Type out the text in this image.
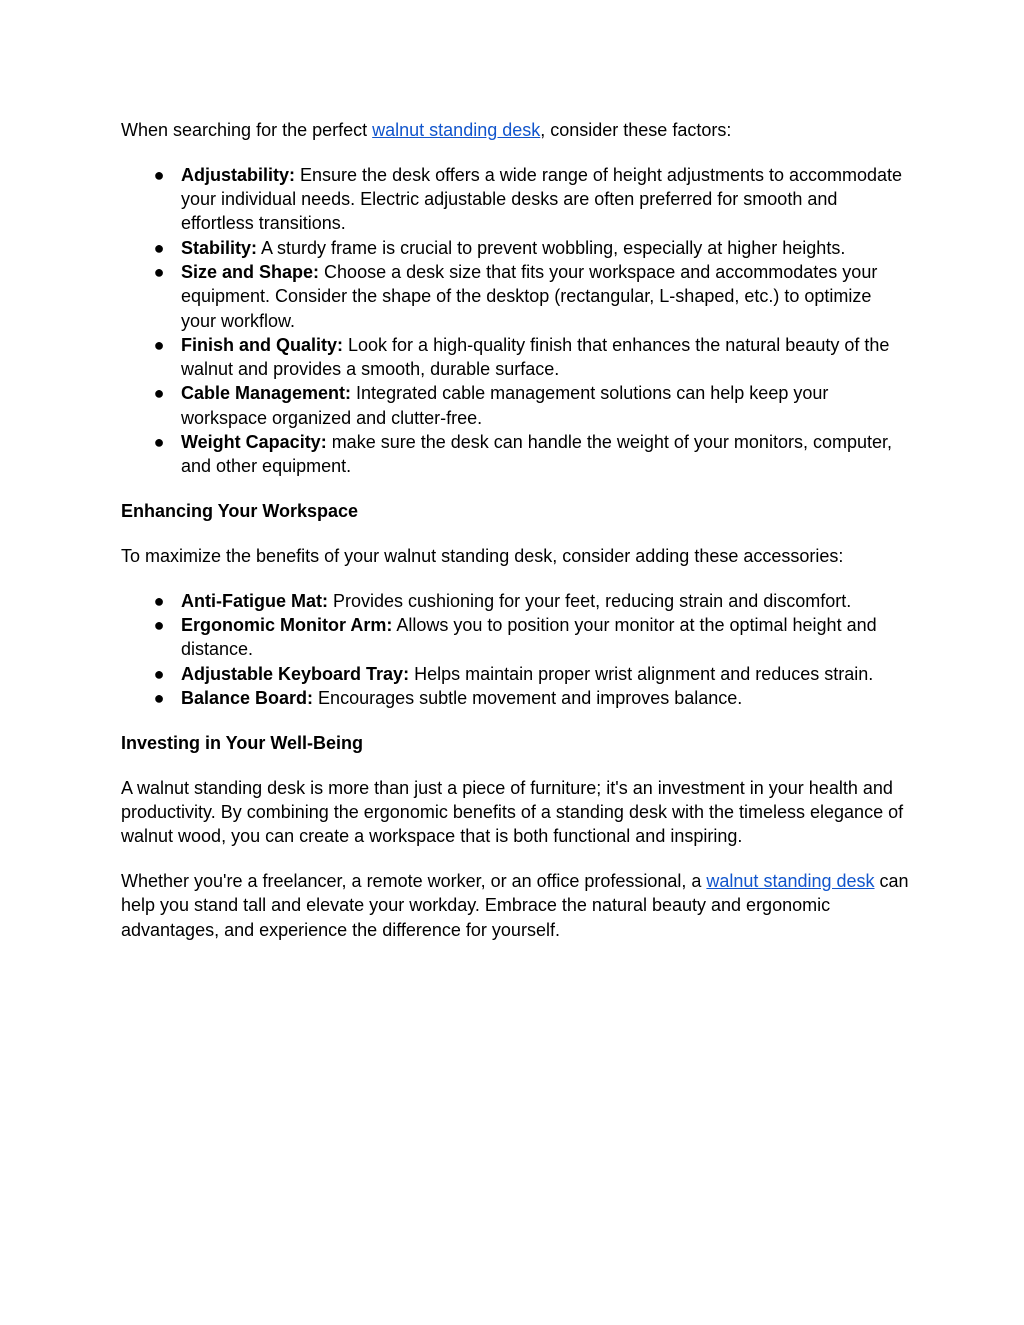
When searching for the perfect walnut standing desk, consider these factors:

● Adjustability: Ensure the desk offers a wide range of height adjustments to accommodate your individual needs. Electric adjustable desks are often preferred for smooth and effortless transitions.
● Stability: A sturdy frame is crucial to prevent wobbling, especially at higher heights.
● Size and Shape: Choose a desk size that fits your workspace and accommodates your equipment. Consider the shape of the desktop (rectangular, L-shaped, etc.) to optimize your workflow.
● Finish and Quality: Look for a high-quality finish that enhances the natural beauty of the walnut and provides a smooth, durable surface.
● Cable Management: Integrated cable management solutions can help keep your workspace organized and clutter-free.
● Weight Capacity: make sure the desk can handle the weight of your monitors, computer, and other equipment.

Enhancing Your Workspace

To maximize the benefits of your walnut standing desk, consider adding these accessories:

● Anti-Fatigue Mat: Provides cushioning for your feet, reducing strain and discomfort.
● Ergonomic Monitor Arm: Allows you to position your monitor at the optimal height and distance.
● Adjustable Keyboard Tray: Helps maintain proper wrist alignment and reduces strain.
● Balance Board: Encourages subtle movement and improves balance.

Investing in Your Well-Being

A walnut standing desk is more than just a piece of furniture; it's an investment in your health and productivity. By combining the ergonomic benefits of a standing desk with the timeless elegance of walnut wood, you can create a workspace that is both functional and inspiring.

Whether you're a freelancer, a remote worker, or an office professional, a walnut standing desk can help you stand tall and elevate your workday. Embrace the natural beauty and ergonomic advantages, and experience the difference for yourself.
